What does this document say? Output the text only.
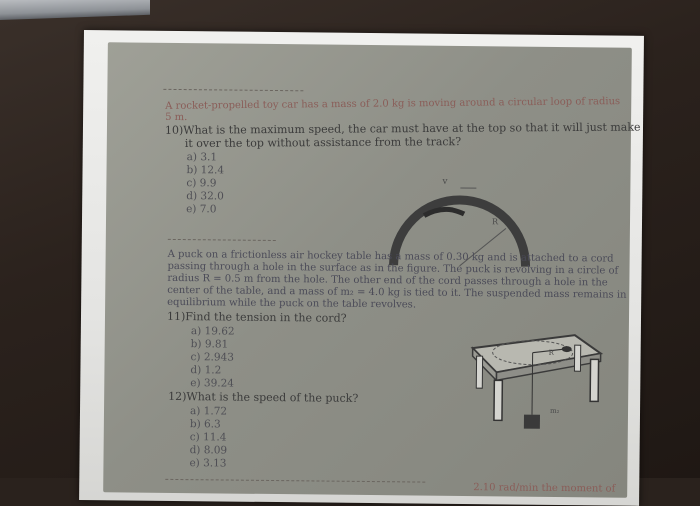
A rocket-propelled toy car has a mass of 2.0 kg is moving around a circular loop of radius
5 m.
10)What is the maximum speed, the car must have at the top so that it will just make
it over the top without assistance from the track?
a) 3.1
b) 12.4
c) 9.9
d) 32.0
e) 7.0
v
R
A puck on a frictionless air hockey table has a mass of 0.30 kg and is attached to a cord
passing through a hole in the surface as in the figure. The puck is revolving in a circle of
radius R = 0.5 m from the hole. The other end of the cord passes through a hole in the
center of the table, and a mass of m₂ = 4.0 kg is tied to it. The suspended mass remains in
equilibrium while the puck on the table revolves.
11)Find the tension in the cord?
a) 19.62
b) 9.81
c) 2.943
d) 1.2
e) 39.24
12)What is the speed of the puck?
a) 1.72
b) 6.3
c) 11.4
d) 8.09
e) 3.13
R
m₂
2.10 rad/min the moment of
